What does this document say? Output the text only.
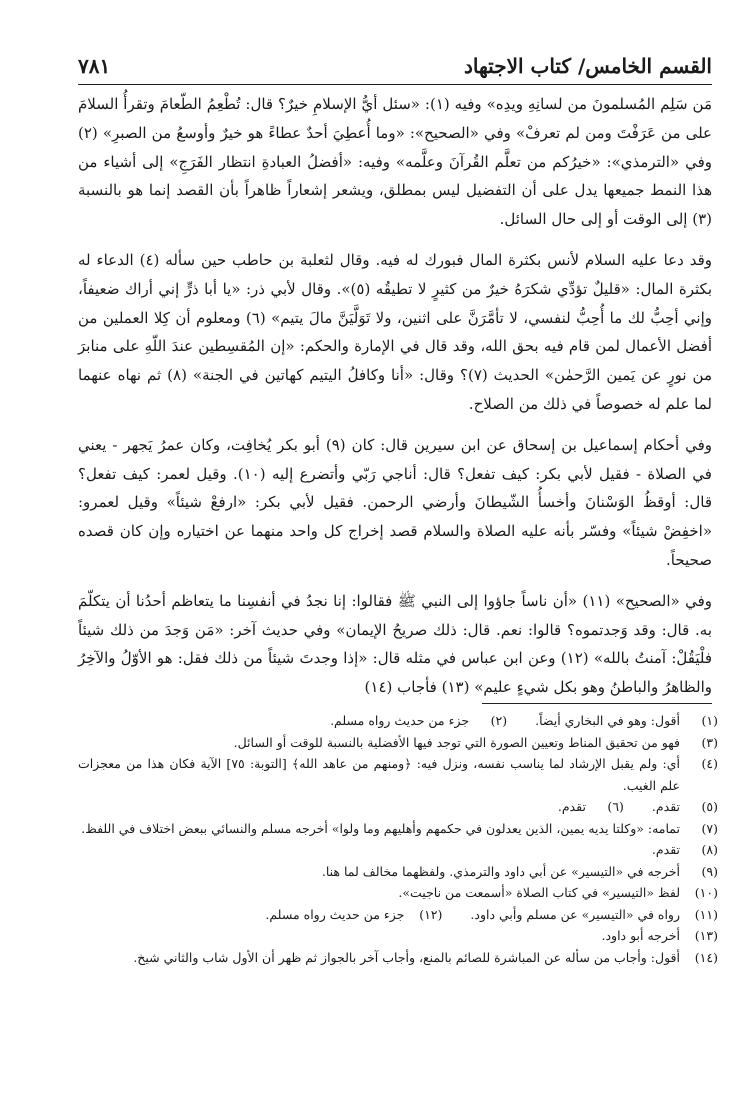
القسم الخامس/ كتاب الاجتهاد
٧٨١

مَن سَلِم المُسلمونَ من لسانِهِ ويدِه» وفيه (١): «سئل أيُّ الإسلامِ خيرٌ؟ قال: تُطْعِمُ الطّعامَ وتقرأُ السلامَ على من عَرَفْتَ ومن لم تعرفْ» وفي «الصحيح»: «وما أُعطِيَ أحدٌ عطاءً هو خيرٌ وأوسعُ من الصبرِ» (٢) وفي «الترمذي»: «خيرُكم من تعلَّم القُرآنَ وعلَّمه» وفيه: «أفضلُ العبادةِ انتظار الفَرَجِ» إلى أشياء من هذا النمط جميعها يدل على أن التفضيل ليس بمطلق، ويشعر إشعاراً ظاهراً بأن القصد إنما هو بالنسبة (٣) إلى الوقت أو إلى حال السائل.

وقد دعا عليه السلام لأنس بكثرة المال فبورك له فيه. وقال لثعلبة بن حاطب حين سأله (٤) الدعاء له بكثرة المال: «قليلٌ تؤدِّي شكرَهُ خيرٌ من كثيرٍ لا تطيقُه (٥)». وقال لأبي ذر: «يا أبا ذرٍّ إني أراك ضعيفاً، وإني أحِبُّ لك ما أُحِبُّ لنفسي، لا تأمَّرَنَّ على اثنين، ولا تَوَلَّيَنَّ مالَ يتيم» (٦) ومعلوم أن كِلا العملين من أفضل الأعمال لمن قام فيه بحق الله، وقد قال في الإمارة والحكم: «إن المُقسِطين عندَ اللّهِ على منابرَ من نورٍ عن يَمين الرَّحمٰن» الحديث (٧)؟ وقال: «أنا وكافلُ اليتيم كهاتين في الجنة» (٨) ثم نهاه عنهما لما علم له خصوصاً في ذلك من الصلاح.

وفي أحكام إسماعيل بن إسحاق عن ابن سيرين قال: كان (٩) أبو بكر يُخافِت، وكان عمرُ يَجهر - يعني في الصلاة - فقيل لأبي بكر: كيف تفعل؟ قال: أناجي رَبّي وأتضرع إليه (١٠). وقيل لعمر: كيف تفعل؟ قال: أوقظُ الوَسْنانَ وأخسأُ الشّيطانَ وأرضي الرحمن. فقيل لأبي بكر: «ارفعْ شيئاً» وقيل لعمرو: «اخفِضْ شيئاً» وفسّر بأنه عليه الصلاة والسلام قصد إخراج كل واحد منهما عن اختياره وإن كان قصده صحيحاً.

وفي «الصحيح» (١١) «أن ناساً جاؤوا إلى النبي ﷺ فقالوا: إنا نجدُ في أنفسِنا ما يتعاظم أحدُنا أن يتكلّمَ به. قال: وقد وَجدتموه؟ قالوا: نعم. قال: ذلك صريحُ الإيمان» وفي حديث آخر: «مَن وَجدَ من ذلك شيئاً فلْيَقُلْ: آمنتُ بالله» (١٢) وعن ابن عباس في مثله قال: «إذا وجدتَ شيئاً من ذلك فقل: هو الأوّلُ والآخِرُ والظاهرُ والباطنُ وهو بكل شيءٍ عليم» (١٣) فأجاب (١٤)

(١)
أقول: وهو في البخاري أيضاً.
(٢)
جزء من حديث رواه مسلم.
(٣)
فهو من تحقيق المناط وتعيين الصورة التي توجد فيها الأفضلية بالنسبة للوقت أو السائل.
(٤)
أي: ولم يقبل الإرشاد لما يناسب نفسه، ونزل فيه: ﴿ومنهم من عاهد الله﴾ [التوبة: ٧٥] الآية فكان هذا من معجزات علم الغيب.
(٥)
تقدم.
(٦)
تقدم.
(٧)
تمامه: «وكلتا يديه يمين، الذين يعدلون في حكمهم وأهليهم وما ولوا» أخرجه مسلم والنسائي ببعض اختلاف في اللفظ.
(٨)
تقدم.
(٩)
أخرجه في «التيسير» عن أبي داود والترمذي. ولفظهما مخالف لما هنا.
(١٠)
لفظ «التيسير» في كتاب الصلاة «أسمعت من ناجيت».
(١١)
رواه في «التيسير» عن مسلم وأبي داود.
(١٢)
جزء من حديث رواه مسلم.
(١٣)
أخرجه أبو داود.
(١٤)
أقول: وأجاب من سأله عن المباشرة للصائم بالمنع، وأجاب آخر بالجواز ثم ظهر أن الأول شاب والثاني شيخ.
